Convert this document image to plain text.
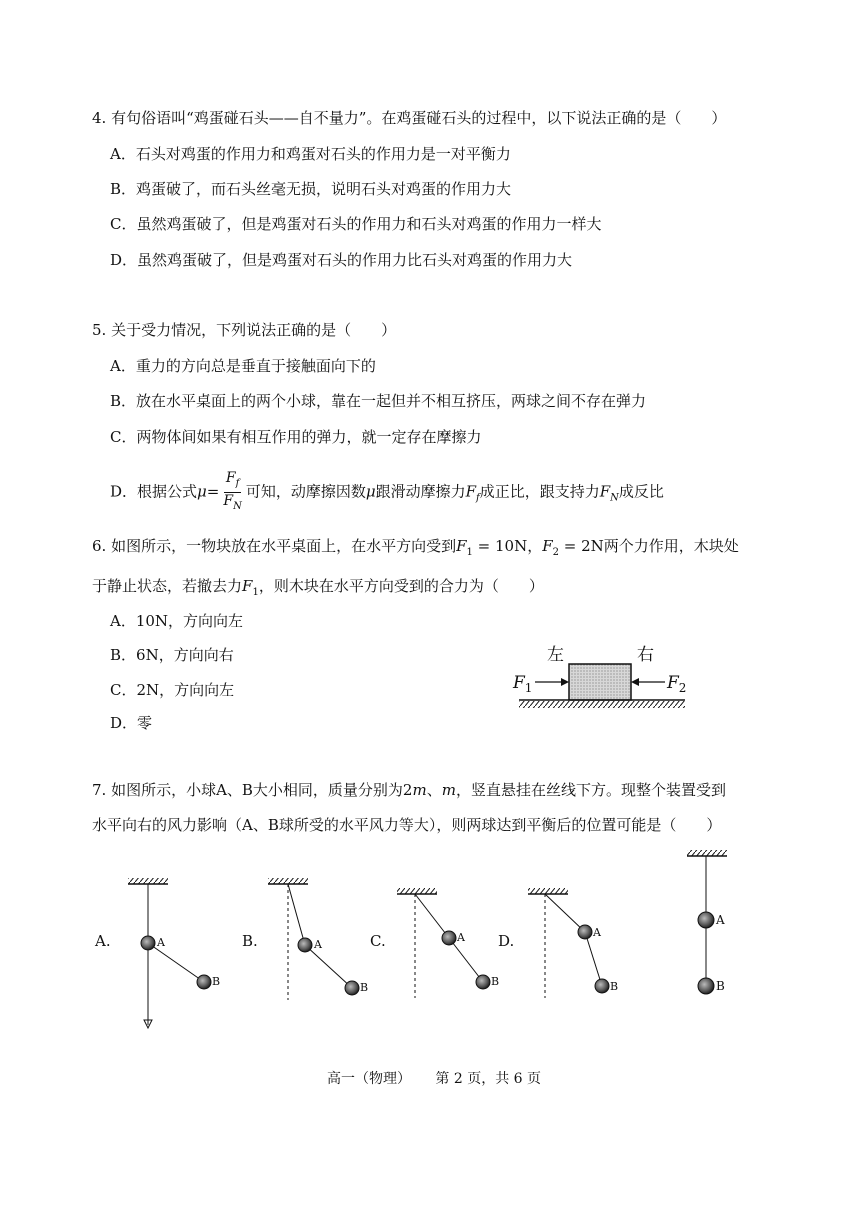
4. 有句俗语叫“鸡蛋碰石头——自不量力”。在鸡蛋碰石头的过程中，以下说法正确的是（　　）
A．石头对鸡蛋的作用力和鸡蛋对石头的作用力是一对平衡力
B．鸡蛋破了，而石头丝毫无损，说明石头对鸡蛋的作用力大
C．虽然鸡蛋破了，但是鸡蛋对石头的作用力和石头对鸡蛋的作用力一样大
D．虽然鸡蛋破了，但是鸡蛋对石头的作用力比石头对鸡蛋的作用力大
5. 关于受力情况，下列说法正确的是（　　）
A．重力的方向总是垂直于接触面向下的
B．放在水平桌面上的两个小球，靠在一起但并不相互挤压，两球之间不存在弹力
C．两物体间如果有相互作用的弹力，就一定存在摩擦力
D．根据公式$\mu= \frac{F_f}{F_N}$ 可知，动摩擦因数μ跟滑动摩擦力$F_f$成正比，跟支持力$F_N$成反比
6. 如图所示，一物块放在水平桌面上，在水平方向受到$F_1 = 10N$，$F_2 = 2N$两个力作用，木块处
于静止状态，若撤去力$F_1$，则木块在水平方向受到的合力为（　　）
A．10N，方向向左
B．6N，方向向右
C．2N，方向向左
D．零
左	右
$F_1$	$F_2$
7. 如图所示，小球A、B大小相同，质量分别为2m、m，竖直悬挂在丝线下方。现整个装置受到
水平向右的风力影响（A、B球所受的水平风力等大），则两球达到平衡后的位置可能是（　　）
A.	A
B
B.	A
B
C.	A
B
D.	A
B
A
B
高一（物理） 第 2 页，共 6 页
